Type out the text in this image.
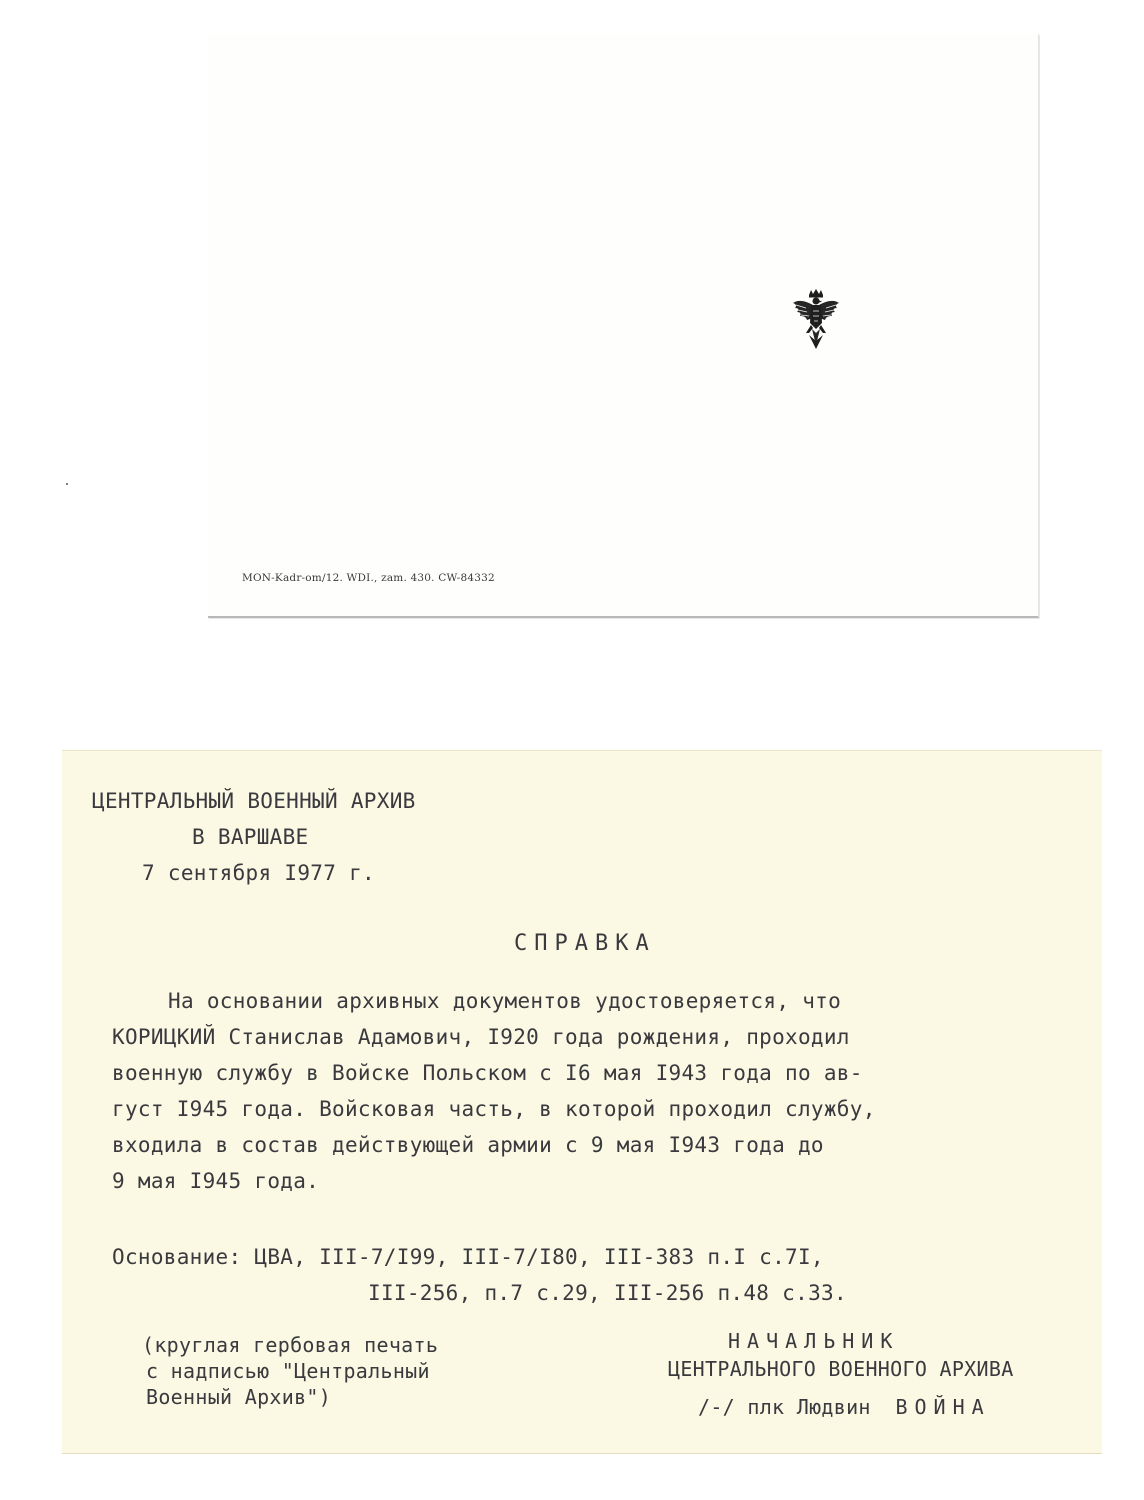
MON-Kadr-om/12. WDI., zam. 430. CW-84332
ЦЕНТРАЛЬНЫЙ ВОЕННЫЙ АРХИВ
В ВАРШАВЕ
7 сентября I977 г.
СПРАВКА
На основании архивных документов удостоверяется, что
КОРИЦКИЙ Станислав Адамович, I920 года рождения, проходил
военную службу в Войске Польском с I6 мая I943 года по ав-
густ I945 года. Войсковая часть, в которой проходил службу,
входила в состав действующей армии с 9 мая I943 года до
9 мая I945 года.
Основание: ЦВА, III-7/I99, III-7/I80, III-383 п.I с.7I,
III-256, п.7 с.29, III-256 п.48 с.33.
(круглая гербовая печать
с надписью "Центральный
Военный Архив")
НАЧАЛЬНИК
ЦЕНТРАЛЬНОГО ВОЕННОГО АРХИВА
/-/ плк Людвин ВОЙНА
